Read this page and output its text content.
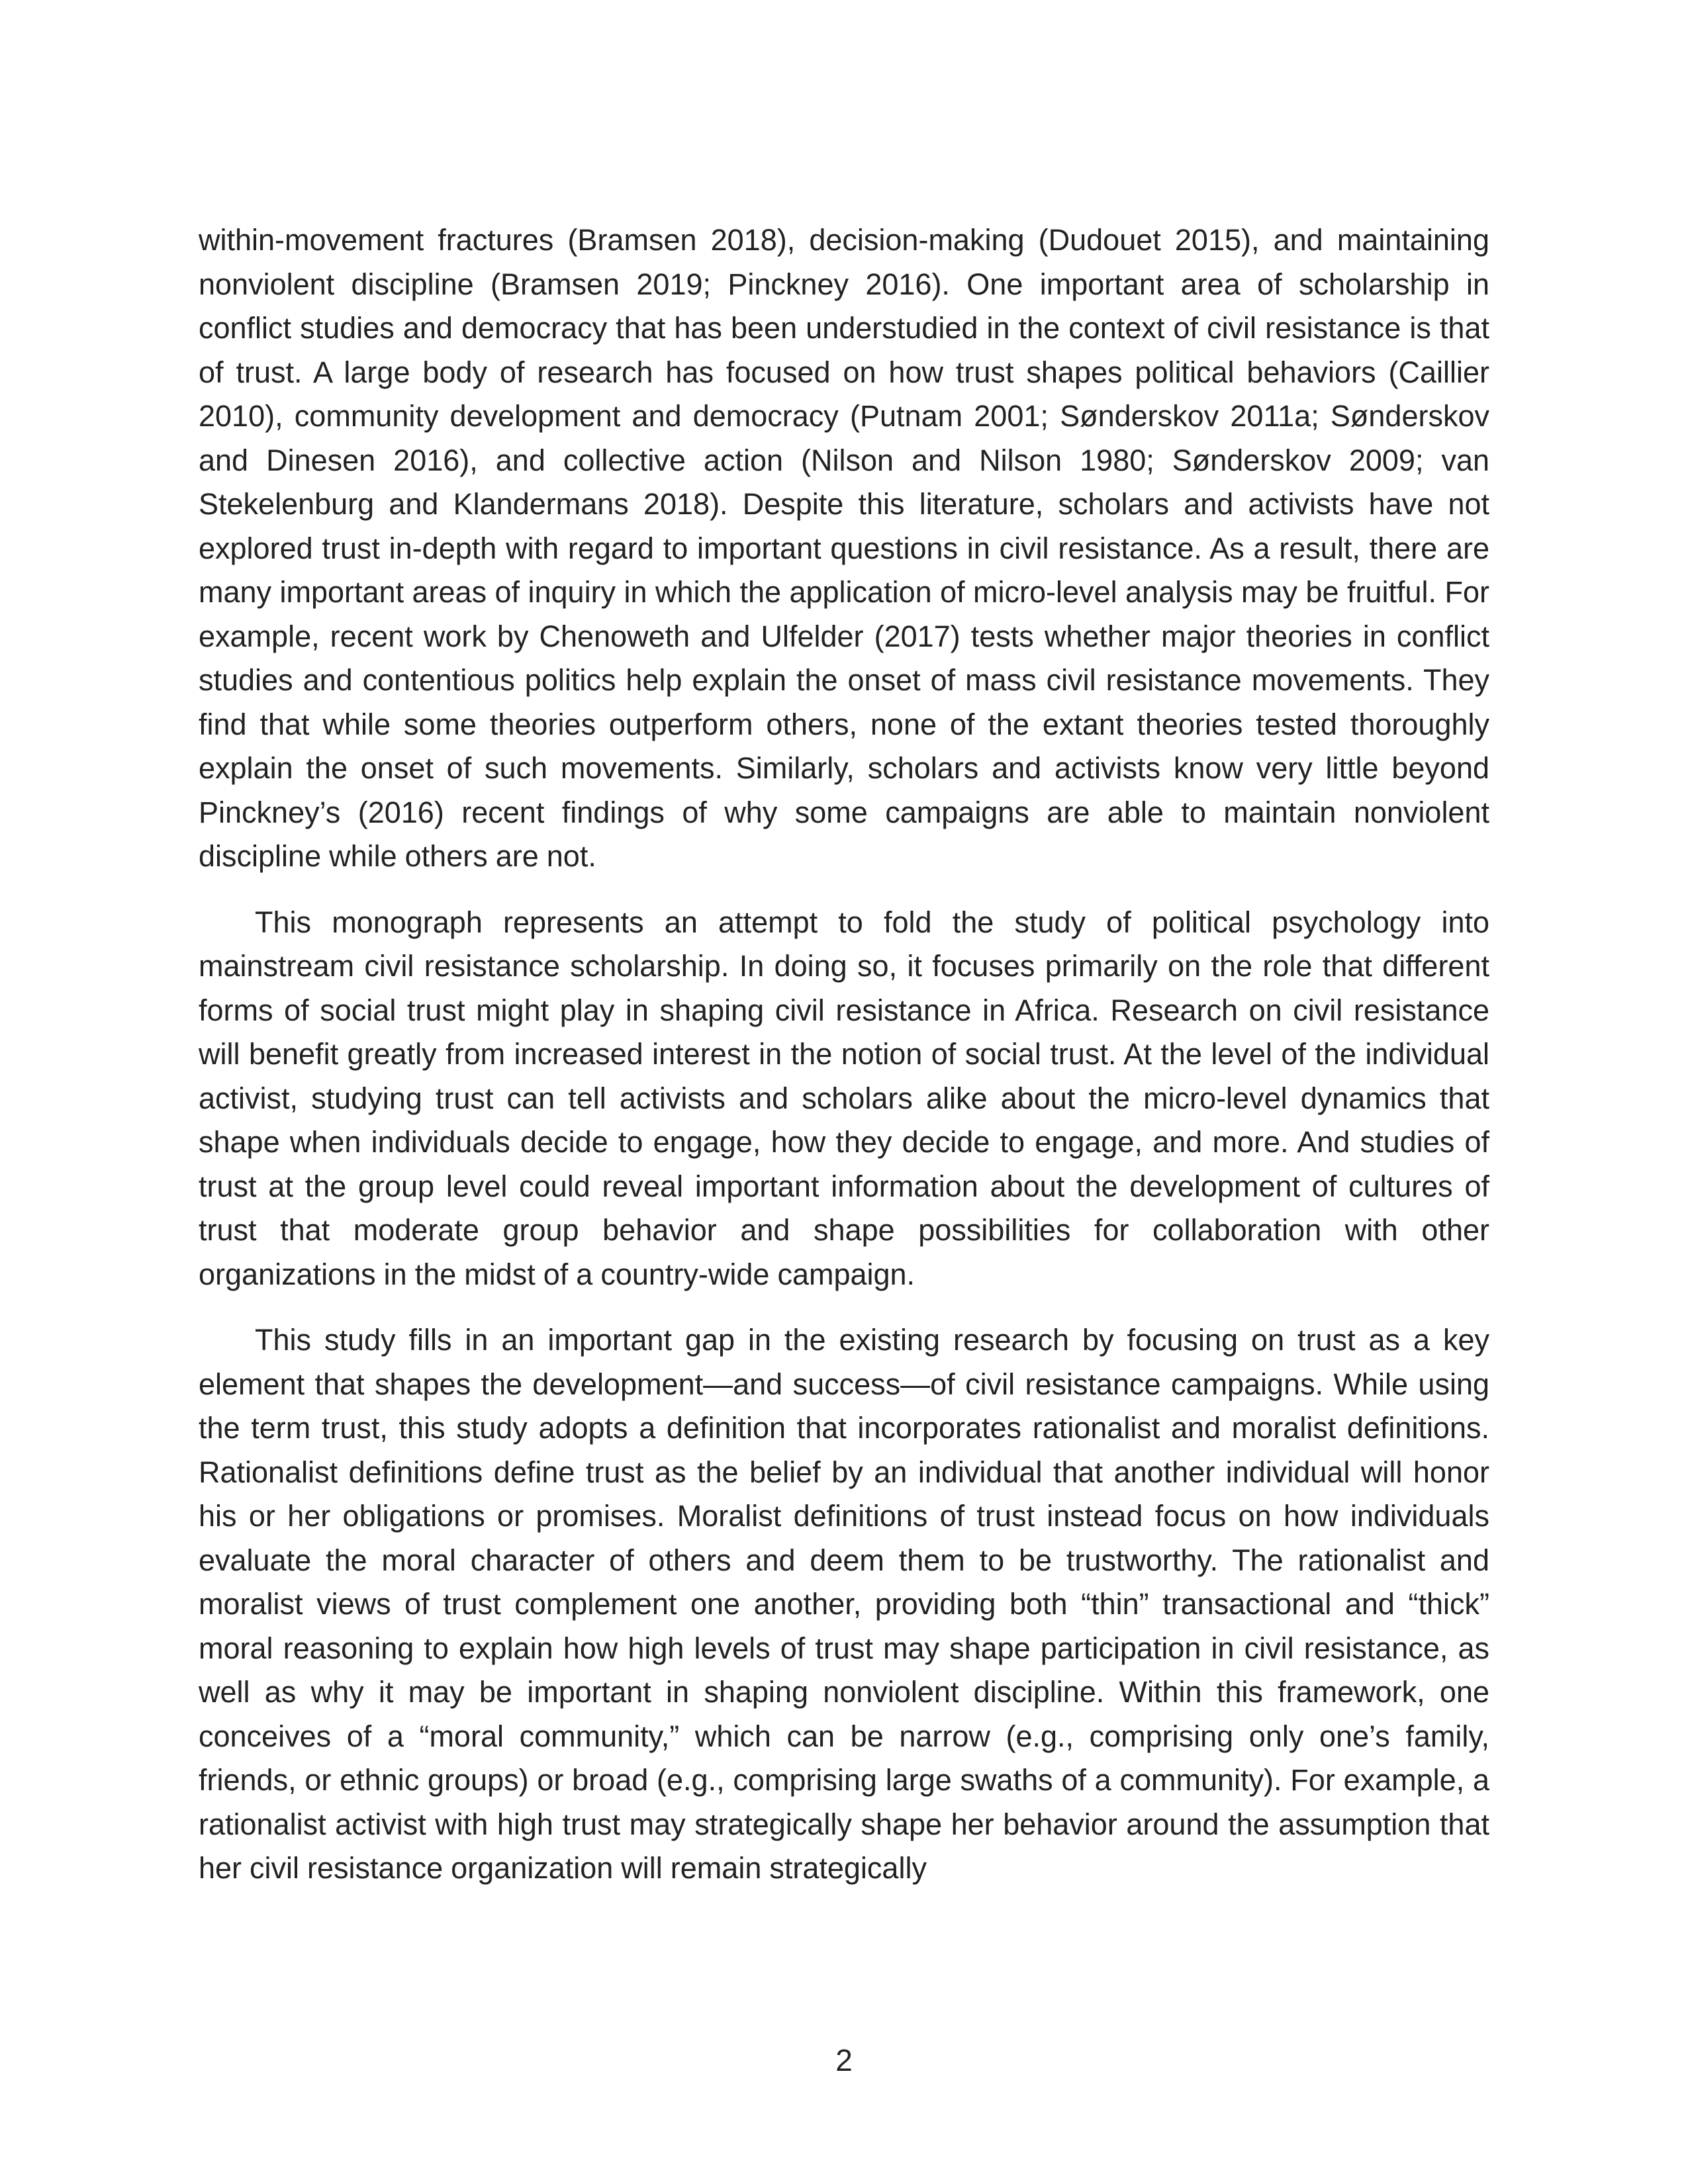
within-movement fractures (Bramsen 2018), decision-making (Dudouet 2015), and maintaining nonviolent discipline (Bramsen 2019; Pinckney 2016). One important area of scholarship in conflict studies and democracy that has been understudied in the context of civil resistance is that of trust. A large body of research has focused on how trust shapes political behaviors (Caillier 2010), community development and democracy (Putnam 2001; Sønderskov 2011a; Sønderskov and Dinesen 2016), and collective action (Nilson and Nilson 1980; Sønderskov 2009; van Stekelenburg and Klandermans 2018). Despite this literature, scholars and activists have not explored trust in-depth with regard to important questions in civil resistance. As a result, there are many important areas of inquiry in which the application of micro-level analysis may be fruitful. For example, recent work by Chenoweth and Ulfelder (2017) tests whether major theories in conflict studies and contentious politics help explain the onset of mass civil resistance movements. They find that while some theories outperform others, none of the extant theories tested thoroughly explain the onset of such movements. Similarly, scholars and activists know very little beyond Pinckney’s (2016) recent findings of why some campaigns are able to maintain nonviolent discipline while others are not.

This monograph represents an attempt to fold the study of political psychology into mainstream civil resistance scholarship. In doing so, it focuses primarily on the role that different forms of social trust might play in shaping civil resistance in Africa. Research on civil resistance will benefit greatly from increased interest in the notion of social trust. At the level of the individual activist, studying trust can tell activists and scholars alike about the micro-level dynamics that shape when individuals decide to engage, how they decide to engage, and more. And studies of trust at the group level could reveal important information about the development of cultures of trust that moderate group behavior and shape possibilities for collaboration with other organizations in the midst of a country-wide campaign.

This study fills in an important gap in the existing research by focusing on trust as a key element that shapes the development—and success—of civil resistance campaigns. While using the term trust, this study adopts a definition that incorporates rationalist and moralist definitions. Rationalist definitions define trust as the belief by an individual that another individual will honor his or her obligations or promises. Moralist definitions of trust instead focus on how individuals evaluate the moral character of others and deem them to be trustworthy. The rationalist and moralist views of trust complement one another, providing both “thin” transactional and “thick” moral reasoning to explain how high levels of trust may shape participation in civil resistance, as well as why it may be important in shaping nonviolent discipline. Within this framework, one conceives of a “moral community,” which can be narrow (e.g., comprising only one’s family, friends, or ethnic groups) or broad (e.g., comprising large swaths of a community). For example, a rationalist activist with high trust may strategically shape her behavior around the assumption that her civil resistance organization will remain strategically

2
